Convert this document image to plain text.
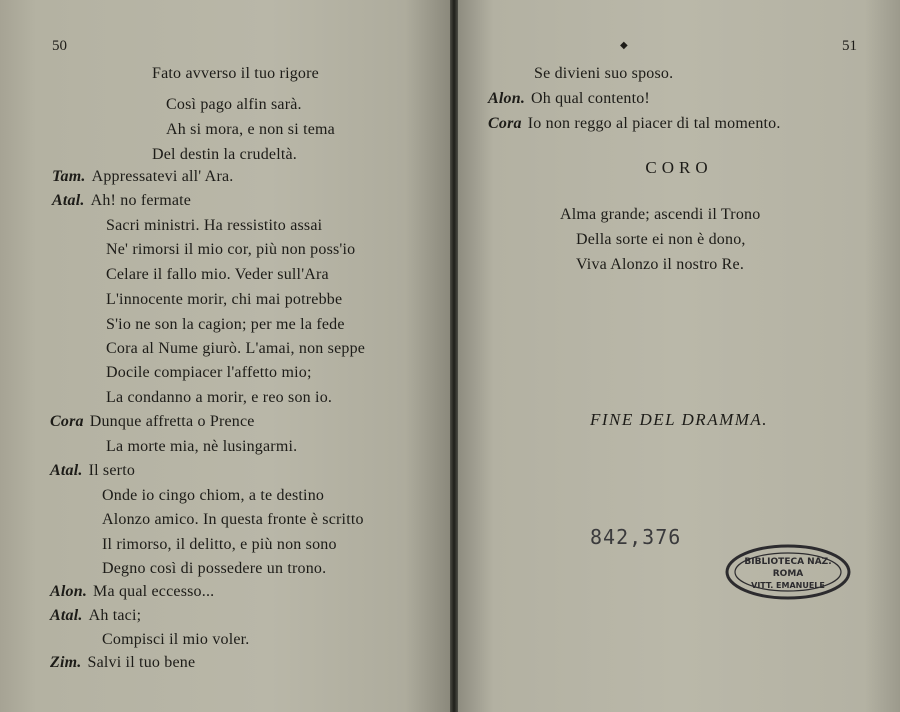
50
Fato avverso il tuo rigore
Così pago alfin sarà.
Ah si mora, e non si tema
Del destin la crudeltà.
Tam. Appressatevi all' Ara.
Atal. Ah! no fermate
Sacri ministri. Ha ressistito assai
Ne' rimorsi il mio cor, più non poss'io
Celare il fallo mio. Veder sull'Ara
L'innocente morir, chi mai potrebbe
S'io ne son la cagion; per me la fede
Cora al Nume giurò. L'amai, non seppe
Docile compiacer l'affetto mio;
La condanno a morir, e reo son io.
Cora Dunque affretta o Prence
La morte mia, nè lusingarmi.
Atal. Il serto
Onde io cingo chiom, a te destino
Alonzo amico. In questa fronte è scritto
Il rimorso, il delitto, e più non sono
Degno così di possedere un trono.
Alon. Ma qual eccesso...
Atal. Ah taci;
Compisci il mio voler.
Zim. Salvi il tuo bene
◆	51
Se divieni suo sposo.
Alon. Oh qual contento!
Cora Io non reggo al piacer di tal momento.
CORO
Alma grande; ascendi il Trono
Della sorte ei non è dono,
Viva Alonzo il nostro Re.
FINE DEL DRAMMA.
842,376
BIBLIOTECA NAZ.
ROMA
VITT. EMANUELE
